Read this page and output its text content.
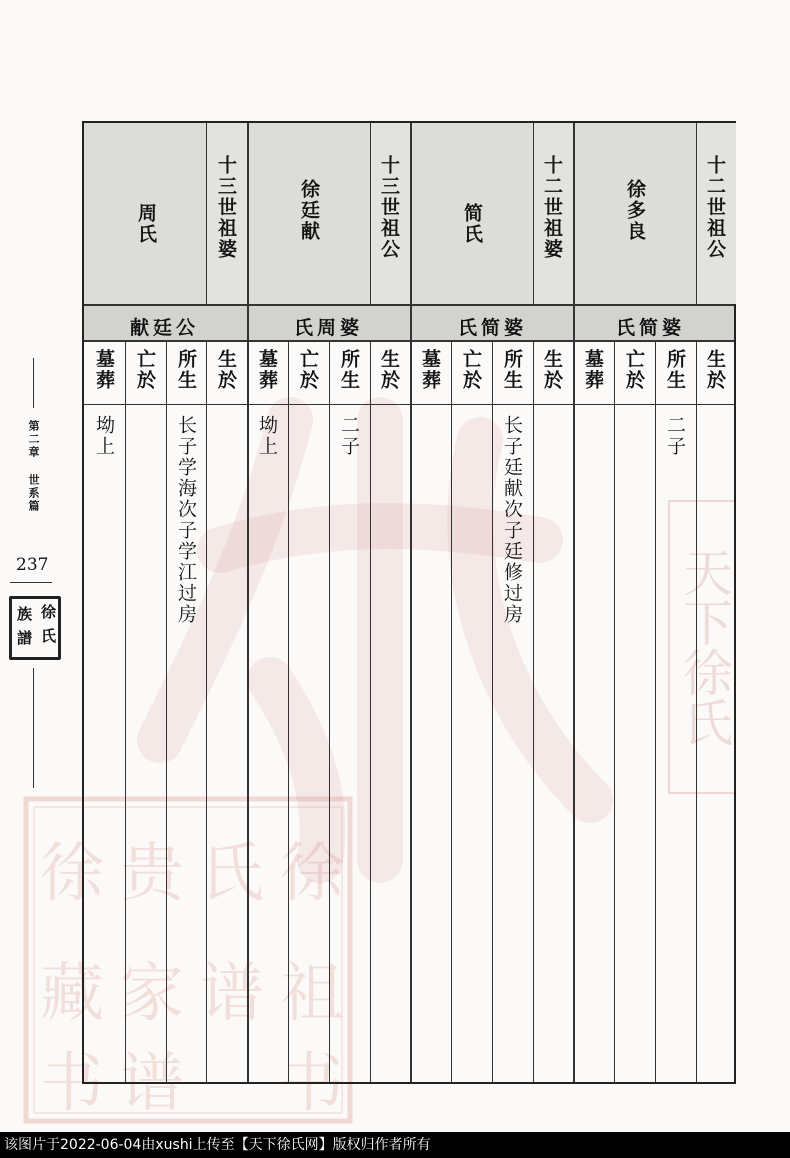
徐
氏
贵
徐
祖
谱
家
藏
书
谱
书
天下徐氏
第二章 世系篇
237
徐
氏
族
譜
十二世祖公
徐多良
氏简婆
生於
所生
亡於
墓葬
二子
十二世祖婆
简氏
氏简婆
生於
所生
亡於
墓葬
长子廷献次子廷修过房
十三世祖公
徐廷献
氏周婆
生於
所生
亡於
墓葬
二子
坳上
十三世祖婆
周氏
献廷公
生於
所生
亡於
墓葬
长子学海次子学江过房
坳上
该图片于2022-06-04由xushi上传至【天下徐氏网】版权归作者所有
